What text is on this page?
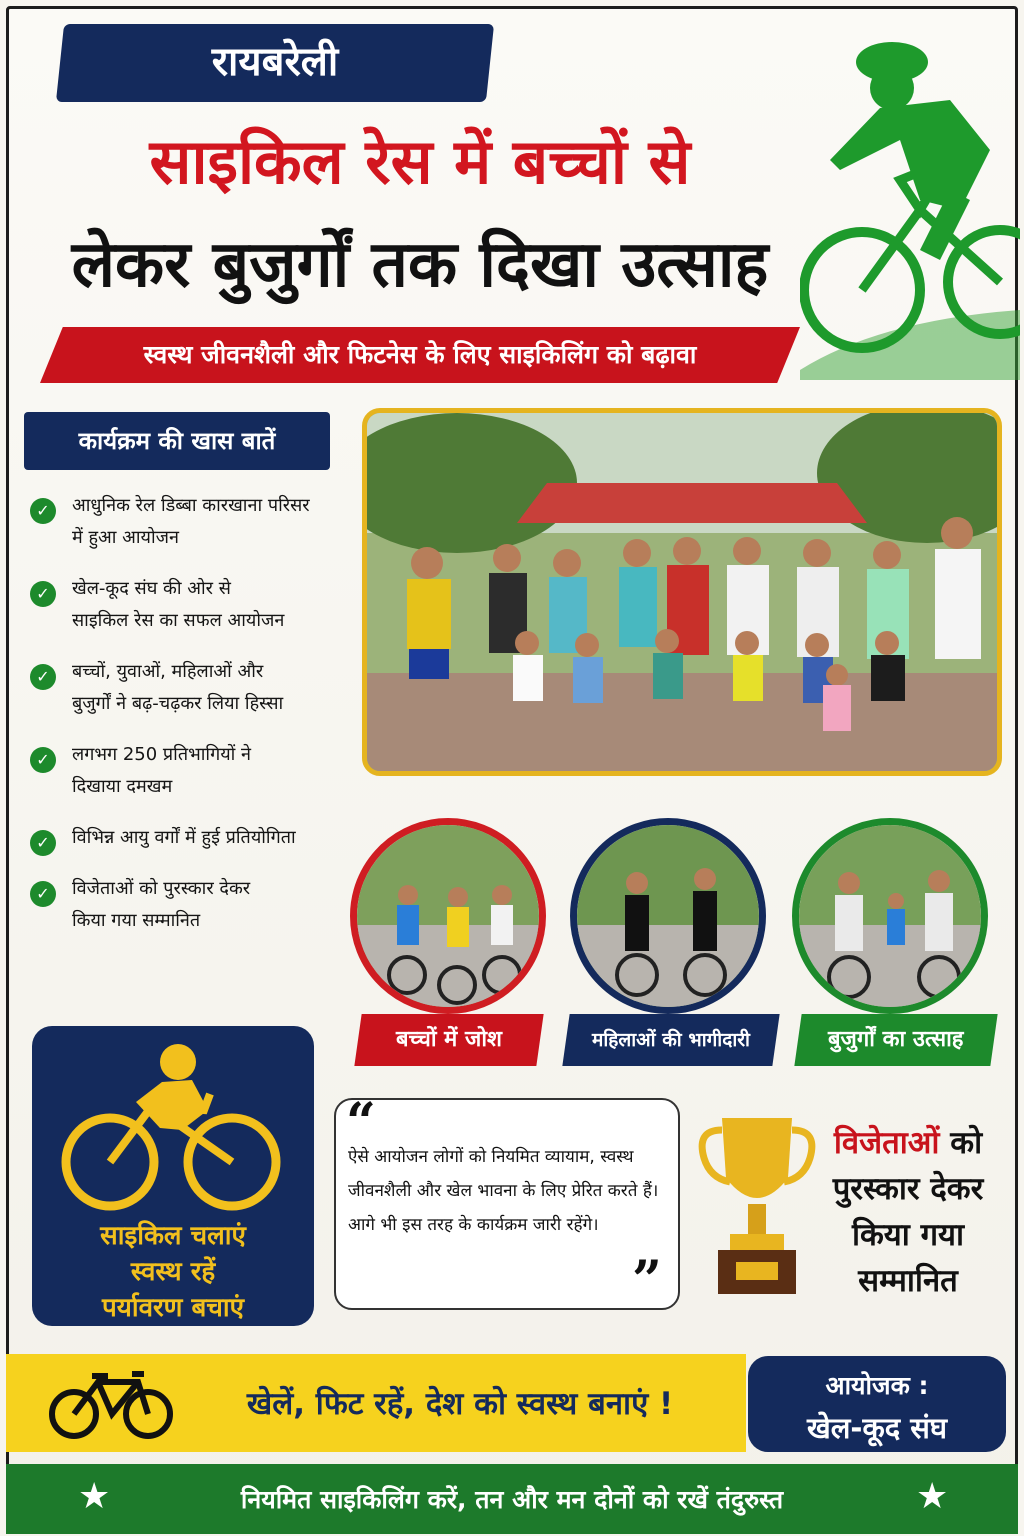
रायबरेली
साइकिल रेस में बच्चों से
लेकर बुजुर्गों तक दिखा उत्साह
स्वस्थ जीवनशैली और फिटनेस के लिए साइकिलिंग को बढ़ावा
कार्यक्रम की खास बातें
✓	आधुनिक रेल डिब्बा कारखाना परिसर
में हुआ आयोजन
✓	खेल-कूद संघ की ओर से
साइकिल रेस का सफल आयोजन
✓	बच्चों, युवाओं, महिलाओं और
बुजुर्गों ने बढ़-चढ़कर लिया हिस्सा
✓	लगभग 250 प्रतिभागियों ने
दिखाया दमखम
✓	विभिन्न आयु वर्गों में हुई प्रतियोगिता
✓	विजेताओं को पुरस्कार देकर
किया गया सम्मानित
बच्चों में जोश	महिलाओं की भागीदारी	बुजुर्गों का उत्साह
साइकिल चलाएं
स्वस्थ रहें
पर्यावरण बचाएं
“
ऐसे आयोजन लोगों को नियमित व्यायाम, स्वस्थ जीवनशैली और खेल भावना के लिए प्रेरित करते हैं। आगे भी इस तरह के कार्यक्रम जारी रहेंगे।
”
विजेताओं को
पुरस्कार देकर
किया गया
सम्मानित
खेलें, फिट रहें, देश को स्वस्थ बनाएं !
आयोजक :
खेल-कूद संघ
★	नियमित साइकिलिंग करें, तन और मन दोनों को रखें तंदुरुस्त	★
